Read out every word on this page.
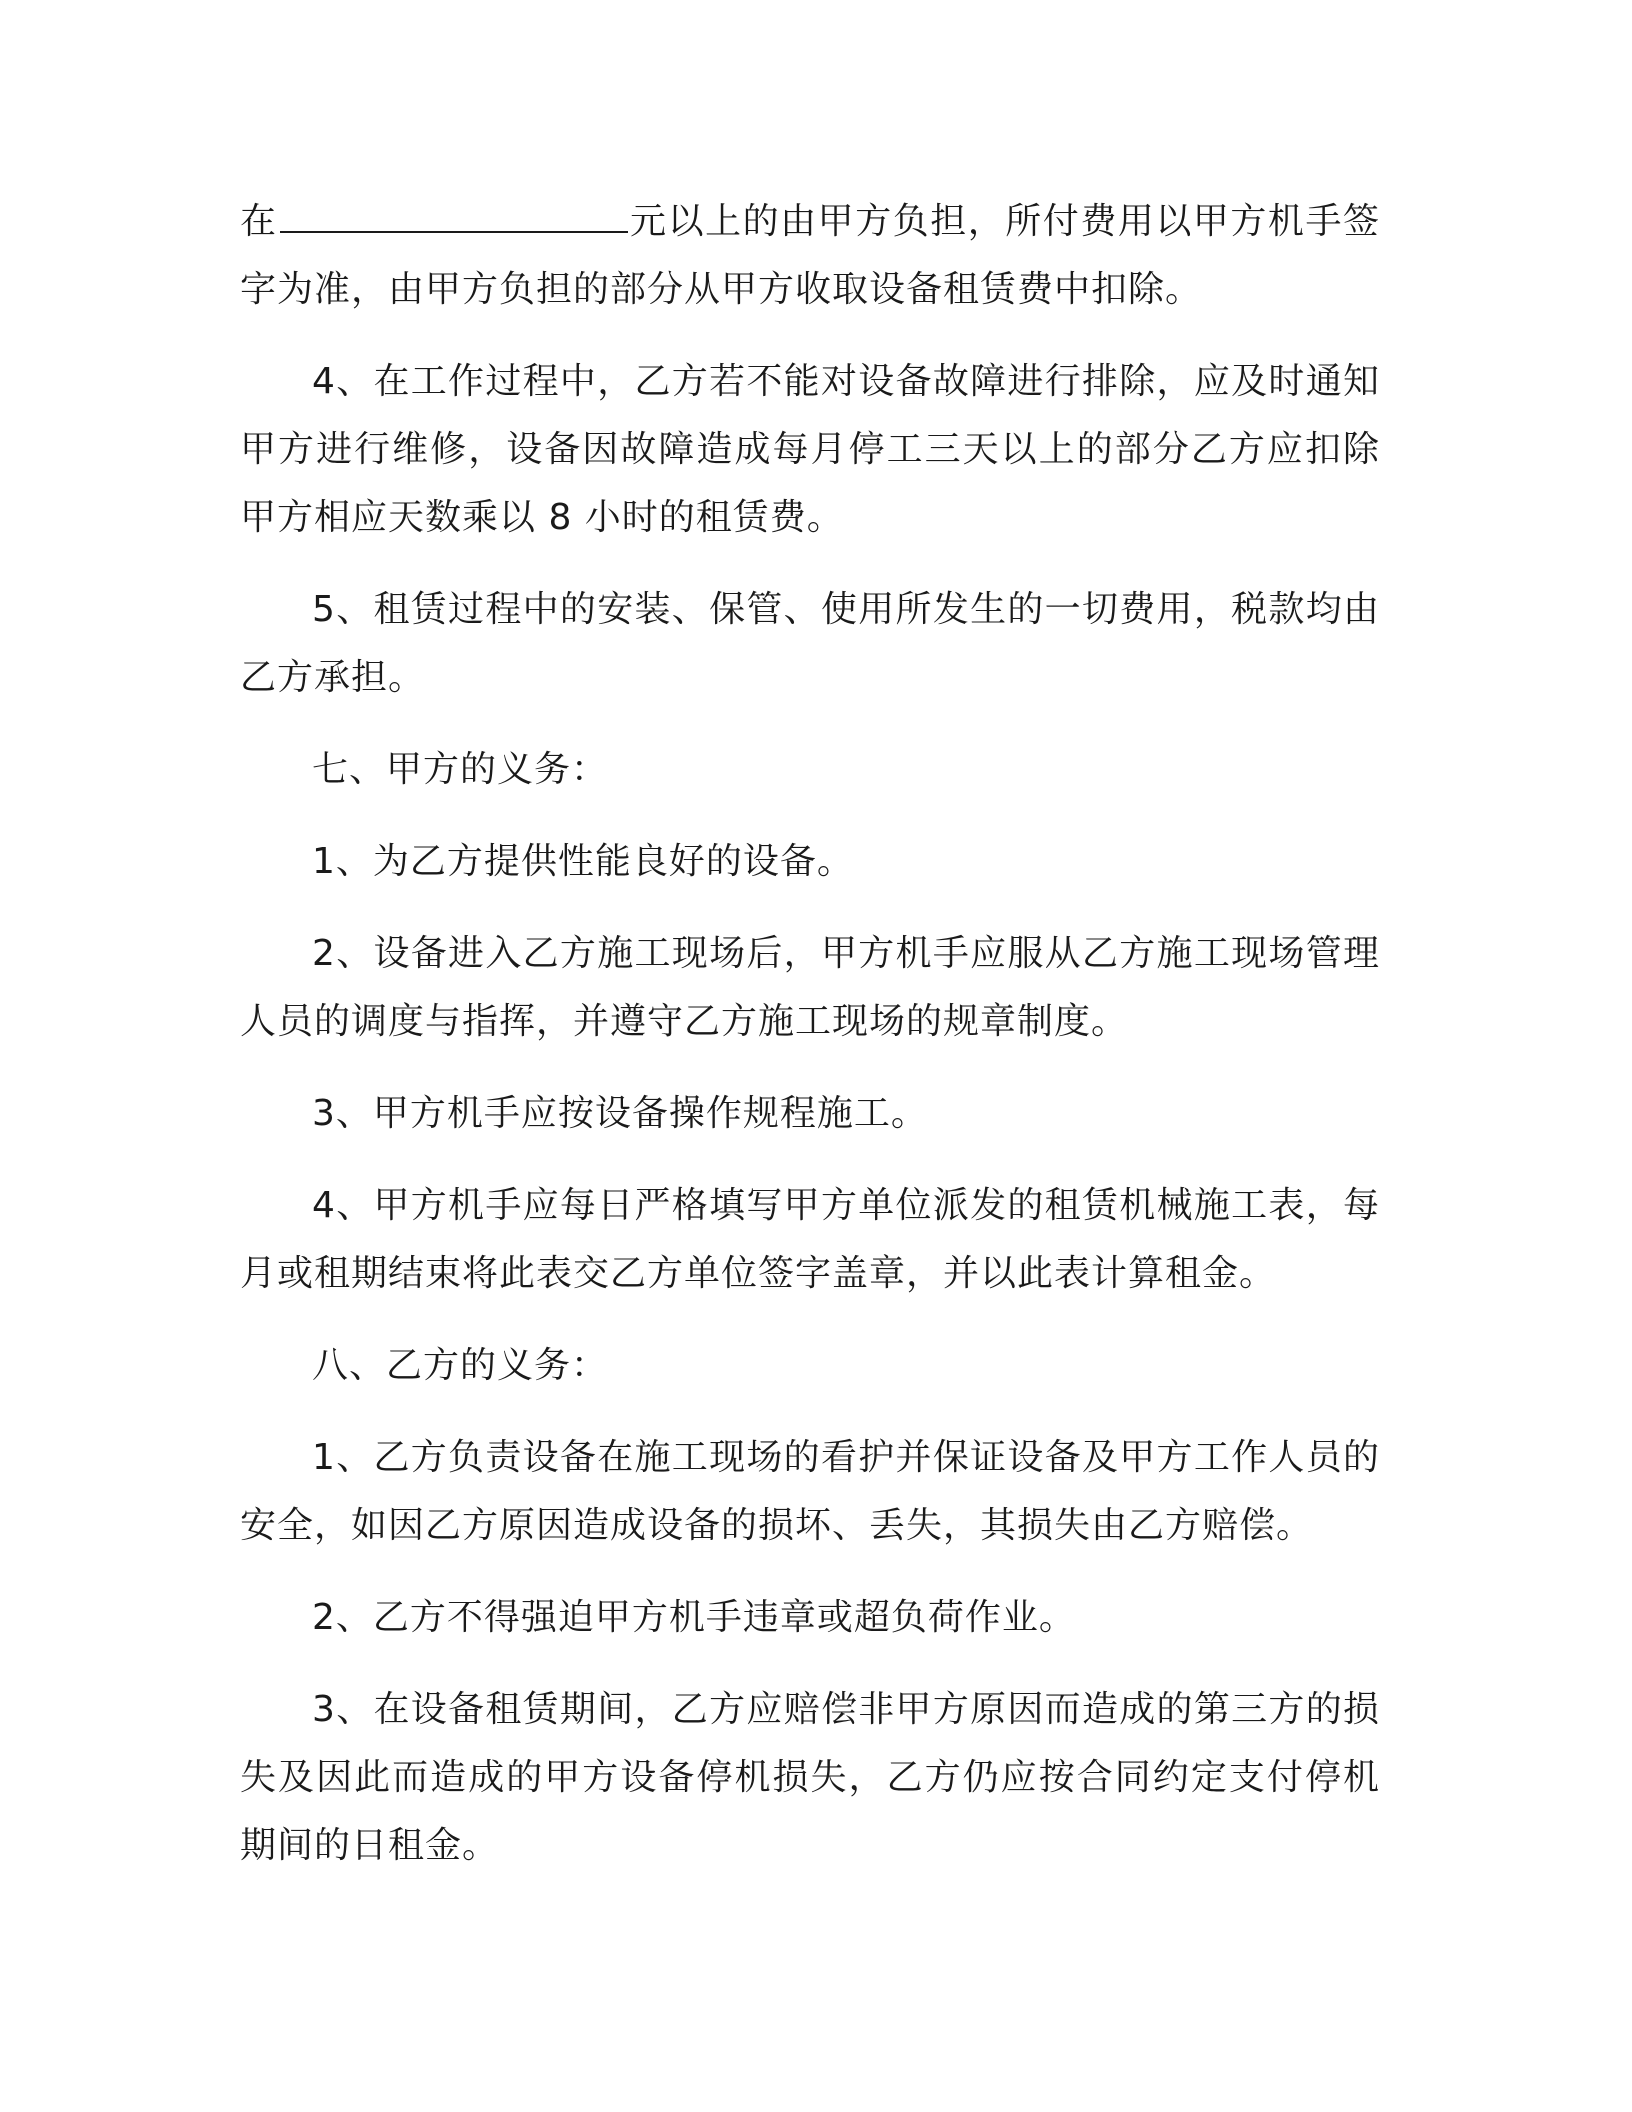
在	元以上的由甲方负担，所付费用以甲方机手签字为准，由甲方负担的部分从甲方收取设备租赁费中扣除。

4、在工作过程中，乙方若不能对设备故障进行排除，应及时通知甲方进行维修，设备因故障造成每月停工三天以上的部分乙方应扣除甲方相应天数乘以 8 小时的租赁费。

5、租赁过程中的安装、保管、使用所发生的一切费用，税款均由乙方承担。

七、甲方的义务：

1、为乙方提供性能良好的设备。

2、设备进入乙方施工现场后，甲方机手应服从乙方施工现场管理人员的调度与指挥，并遵守乙方施工现场的规章制度。

3、甲方机手应按设备操作规程施工。

4、甲方机手应每日严格填写甲方单位派发的租赁机械施工表，每月或租期结束将此表交乙方单位签字盖章，并以此表计算租金。

八、乙方的义务：

1、乙方负责设备在施工现场的看护并保证设备及甲方工作人员的安全，如因乙方原因造成设备的损坏、丢失，其损失由乙方赔偿。

2、乙方不得强迫甲方机手违章或超负荷作业。

3、在设备租赁期间，乙方应赔偿非甲方原因而造成的第三方的损失及因此而造成的甲方设备停机损失，乙方仍应按合同约定支付停机期间的日租金。
